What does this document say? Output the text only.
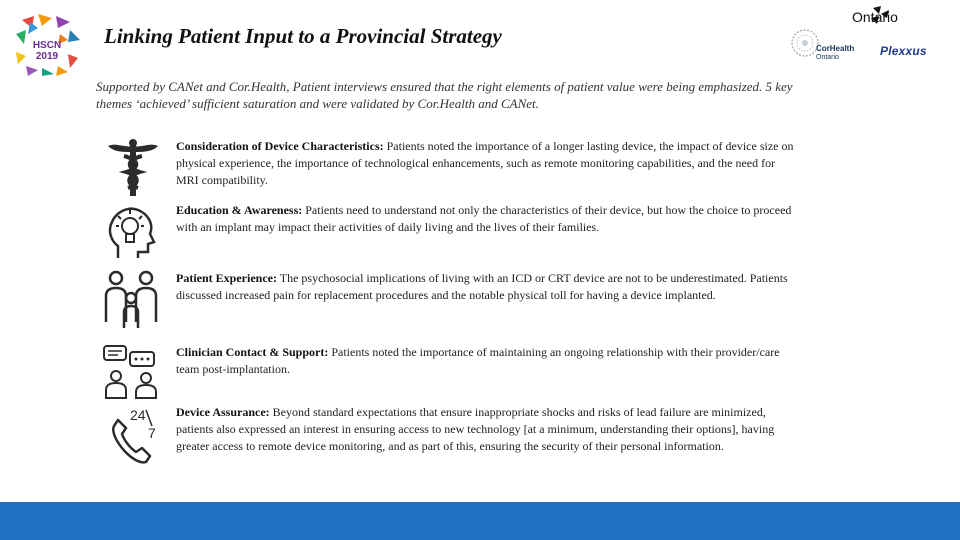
HSCN
2019
Linking Patient Input to a Provincial Strategy
Ontario
CorHealth
Ontario	Plexxus

Supported by CANet and Cor.Health, Patient interviews ensured that the right elements of patient value were being emphasized. 5 key themes ‘achieved’ sufficient saturation and were validated by Cor.Health and CANet.

Consideration of Device Characteristics: Patients noted the importance of a longer lasting device, the impact of device size on physical experience, the importance of technological enhancements, such as remote monitoring capabilities, and the need for MRI compatibility.

Education & Awareness: Patients need to understand not only the characteristics of their device, but how the choice to proceed with an implant may impact their activities of daily living and the lives of their families.

Patient Experience: The psychosocial implications of living with an ICD or CRT device are not to be underestimated. Patients discussed increased pain for replacement procedures and the notable physical toll for having a device implanted.

Clinician Contact & Support: Patients noted the importance of maintaining an ongoing relationship with their provider/care team post-implantation.

24
7

Device Assurance: Beyond standard expectations that ensure inappropriate shocks and risks of lead failure are minimized, patients also expressed an interest in ensuring access to new technology [at a minimum, understanding their options], having greater access to remote device monitoring, and as part of this, ensuring the security of their personal information.
